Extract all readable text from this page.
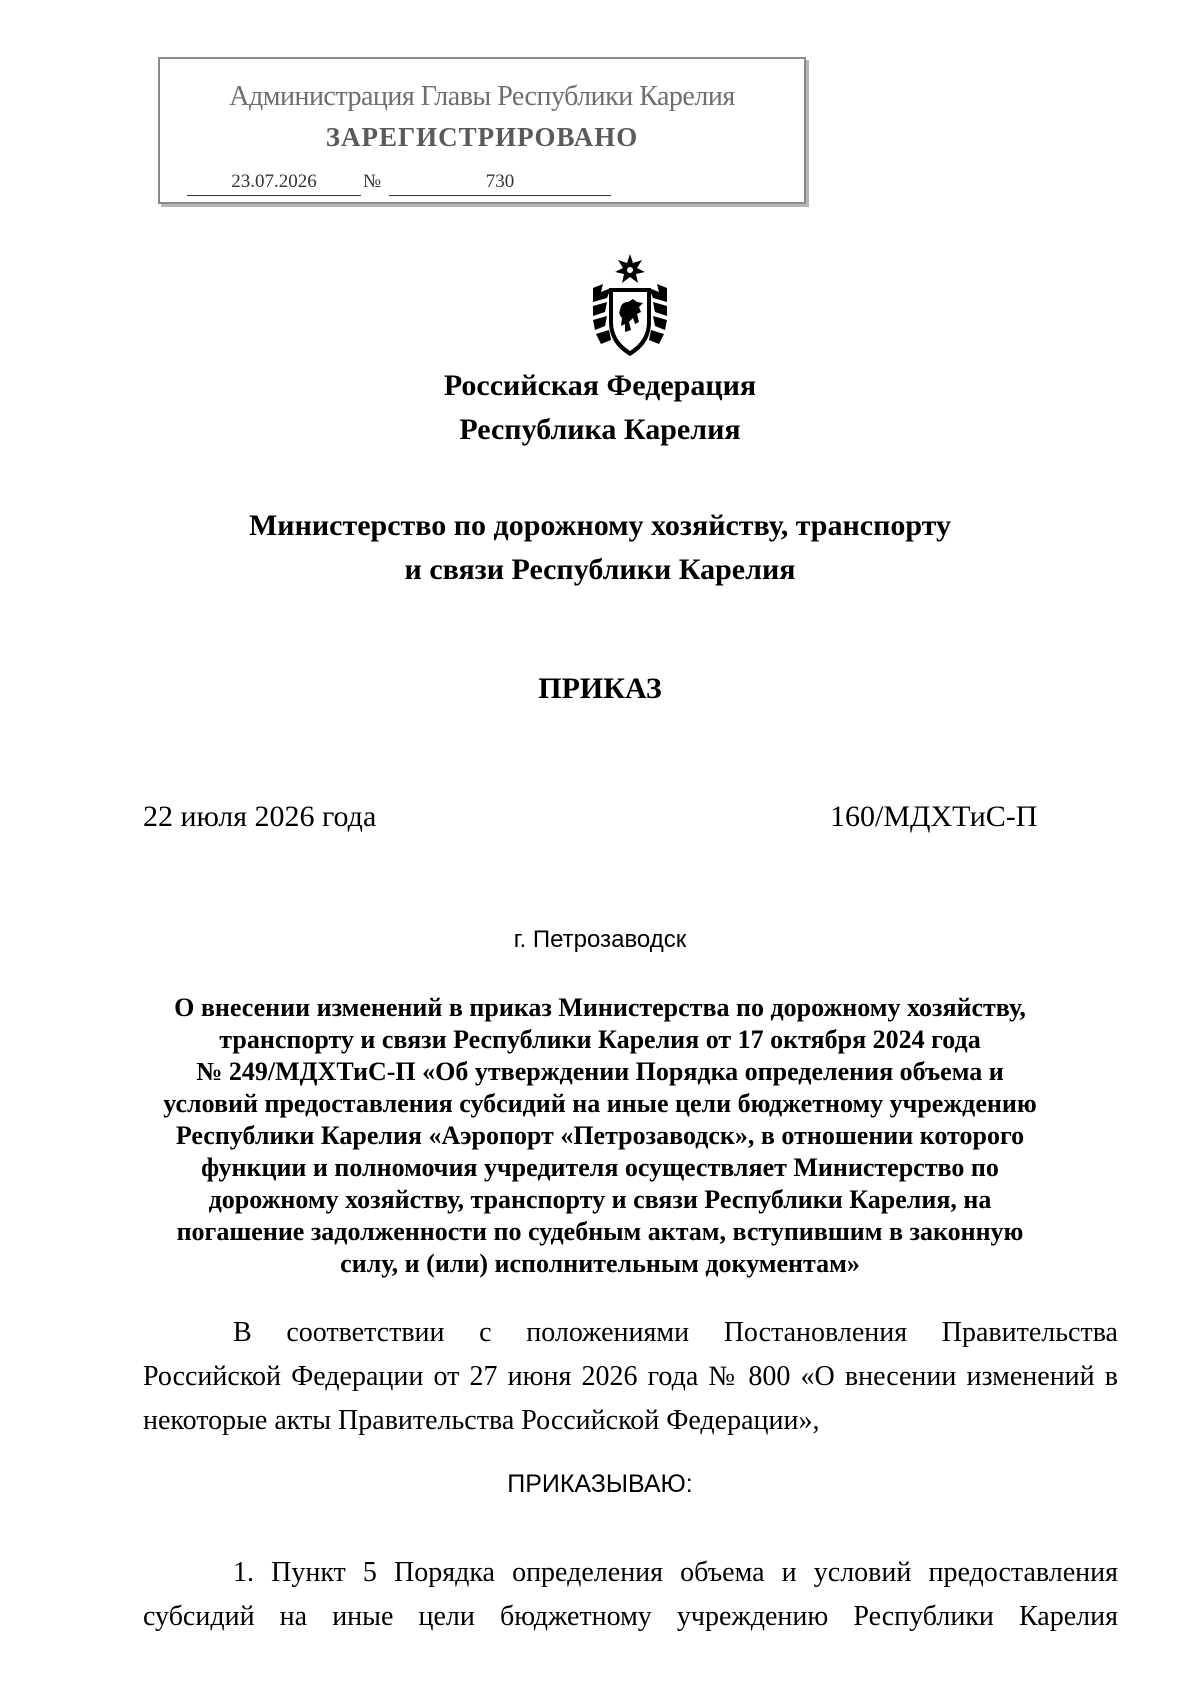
Администрация Главы Республики Карелия
ЗАРЕГИСТРИРОВАНО
23.07.2026	№	730
Российская Федерация
Республика Карелия
Министерство по дорожному хозяйству, транспорту
и связи Республики Карелия
ПРИКАЗ
22 июля 2026 года	160/МДХТиС-П
г. Петрозаводск
О внесении изменений в приказ Министерства по дорожному хозяйству,
транспорту и связи Республики Карелия от 17 октября 2024 года
№ 249/МДХТиС-П «Об утверждении Порядка определения объема и
условий предоставления субсидий на иные цели бюджетному учреждению
Республики Карелия «Аэропорт «Петрозаводск», в отношении которого
функции и полномочия учредителя осуществляет Министерство по
дорожному хозяйству, транспорту и связи Республики Карелия, на
погашение задолженности по судебным актам, вступившим в законную
силу, и (или) исполнительным документам»
В соответствии с положениями Постановления Правительства Российской Федерации от 27 июня 2026 года № 800 «О внесении изменений в некоторые акты Правительства Российской Федерации»,
ПРИКАЗЫВАЮ:
1. Пункт 5 Порядка определения объема и условий предоставления
субсидий на иные цели бюджетному учреждению Республики Карелия
